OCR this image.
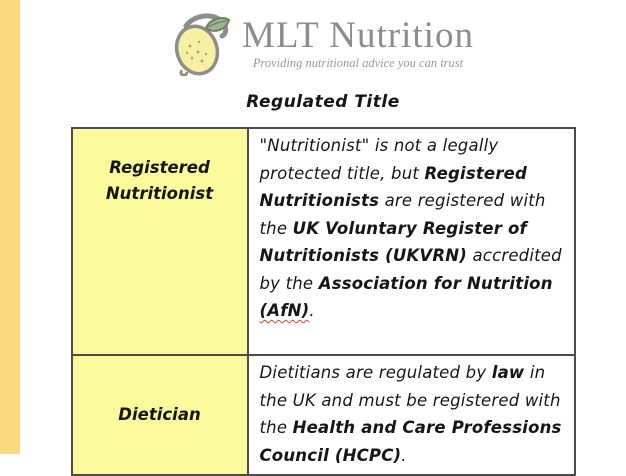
MLT Nutrition
Providing nutritional advice you can trust
Regulated Title
Registered Nutritionist	"Nutritionist" is not a legally protected title, but Registered Nutritionists are registered with the UK Voluntary Register of Nutritionists (UKVRN) accredited by the Association for Nutrition (AfN).
Dietician	Dietitians are regulated by law in the UK and must be registered with the Health and Care Professions Council (HCPC).
